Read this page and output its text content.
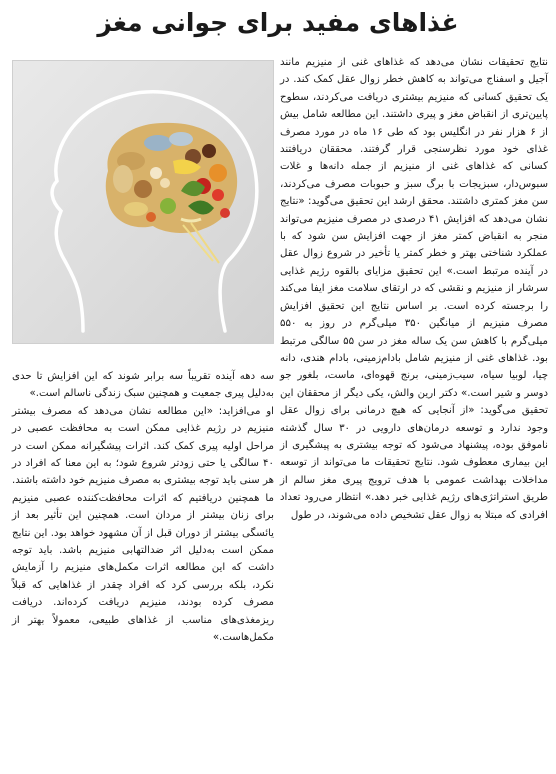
غذاهای مفید برای جوانی مغز

نتایج تحقیقات نشان می‌دهد که غذاهای غنی از منیزیم مانند آجیل و اسفناج می‌تواند به کاهش خطر زوال عقل کمک کند. در یک تحقیق کسانی که منیزیم بیشتری دریافت می‌کردند، سطوح پایین‌تری از انقباض مغز و پیری داشتند. این مطالعه شامل بیش از ۶ هزار نفر در انگلیس بود که طی ۱۶ ماه در مورد مصرف غذای خود مورد نظرسنجی قرار گرفتند. محققان دریافتند کسانی که غذاهای غنی از منیزیم از جمله دانه‌ها و غلات سبوس‌دار، سبزیجات با برگ سبز و حبوبات مصرف می‌کردند، سن مغز کمتری داشتند. محقق ارشد این تحقیق می‌گوید: «نتایج نشان می‌دهد که افزایش ۴۱ درصدی در مصرف منیزیم می‌تواند منجر به انقباض کمتر مغز از جهت افزایش سن شود که با عملکرد شناختی بهتر و خطر کمتر یا تأخیر در شروع زوال عقل در آینده مرتبط است.» این تحقیق مزایای بالقوه رژیم غذایی سرشار از منیزیم و نقشی که در ارتقای سلامت مغز ایفا می‌کند را برجسته کرده است. بر اساس نتایج این تحقیق افزایش مصرف منیزیم از میانگین ۳۵۰ میلی‌گرم در روز به ۵۵۰ میلی‌گرم با کاهش سن یک ساله مغز در سن ۵۵ سالگی مرتبط بود. غذاهای غنی از منیزیم شامل بادام‌زمینی، بادام هندی، دانه چیا، لوبیا سیاه، سیب‌زمینی، برنج قهوه‌ای، ماست، بلغور جو دوسر و شیر است.» دکتر ارین والش، یکی دیگر از محققان این تحقیق می‌گوید: «از آنجایی که هیچ درمانی برای زوال عقل وجود ندارد و توسعه درمان‌های دارویی در ۳۰ سال گذشته ناموفق بوده، پیشنهاد می‌شود که توجه بیشتری به پیشگیری از این بیماری معطوف شود. نتایج تحقیقات ما می‌تواند از توسعه مداخلات بهداشت عمومی با هدف ترویج پیری مغز سالم از طریق استراتژی‌های رژیم غذایی خبر دهد.» انتظار می‌رود تعداد افرادی که مبتلا به زوال عقل تشخیص داده می‌شوند، در طول

سه دهه آینده تقریباً سه برابر شوند که این افزایش تا حدی به‌دلیل پیری جمعیت و همچنین سبک زندگی ناسالم است.»

او می‌افزاید: «این مطالعه نشان می‌دهد که مصرف بیشتر منیزیم در رژیم غذایی ممکن است به محافظت عصبی در مراحل اولیه پیری کمک کند. اثرات پیشگیرانه ممکن است در ۴۰ سالگی یا حتی زودتر شروع شود؛ به این معنا که افراد در هر سنی باید توجه بیشتری به مصرف منیزیم خود داشته باشند. ما همچنین دریافتیم که اثرات محافظت‌کننده عصبی منیزیم برای زنان بیشتر از مردان است. همچنین این تأثیر بعد از یائسگی بیشتر از دوران قبل از آن مشهود خواهد بود. این نتایج ممکن است به‌دلیل اثر ضدالتهابی منیزیم باشد. باید توجه داشت که این مطالعه اثرات مکمل‌های منیزیم را آزمایش نکرد، بلکه بررسی کرد که افراد چقدر از غذاهایی که قبلاً مصرف کرده بودند، منیزیم دریافت کرده‌اند. دریافت ریزمغذی‌های مناسب از غذاهای طبیعی، معمولاً بهتر از مکمل‌هاست.»
